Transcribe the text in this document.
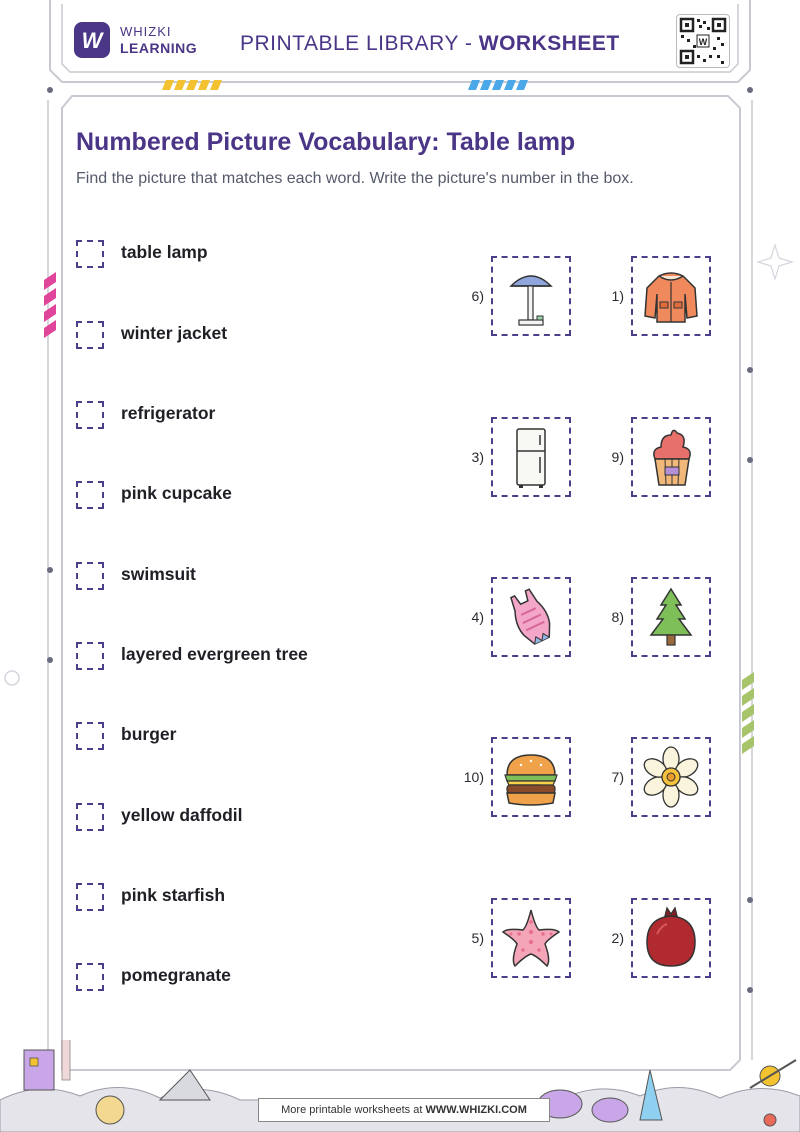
W WHIZKI
LEARNING PRINTABLE LIBRARY - WORKSHEET	W
Numbered Picture Vocabulary: Table lamp
Find the picture that matches each word. Write the picture's number in the box.
table lamp
winter jacket
refrigerator
pink cupcake
swimsuit
layered evergreen tree
burger
yellow daffodil
pink starfish
pomegranate
6)	1)
3)	9)
4)	8)
10)	7)
5)	2)
More printable worksheets at WWW.WHIZKI.COM
